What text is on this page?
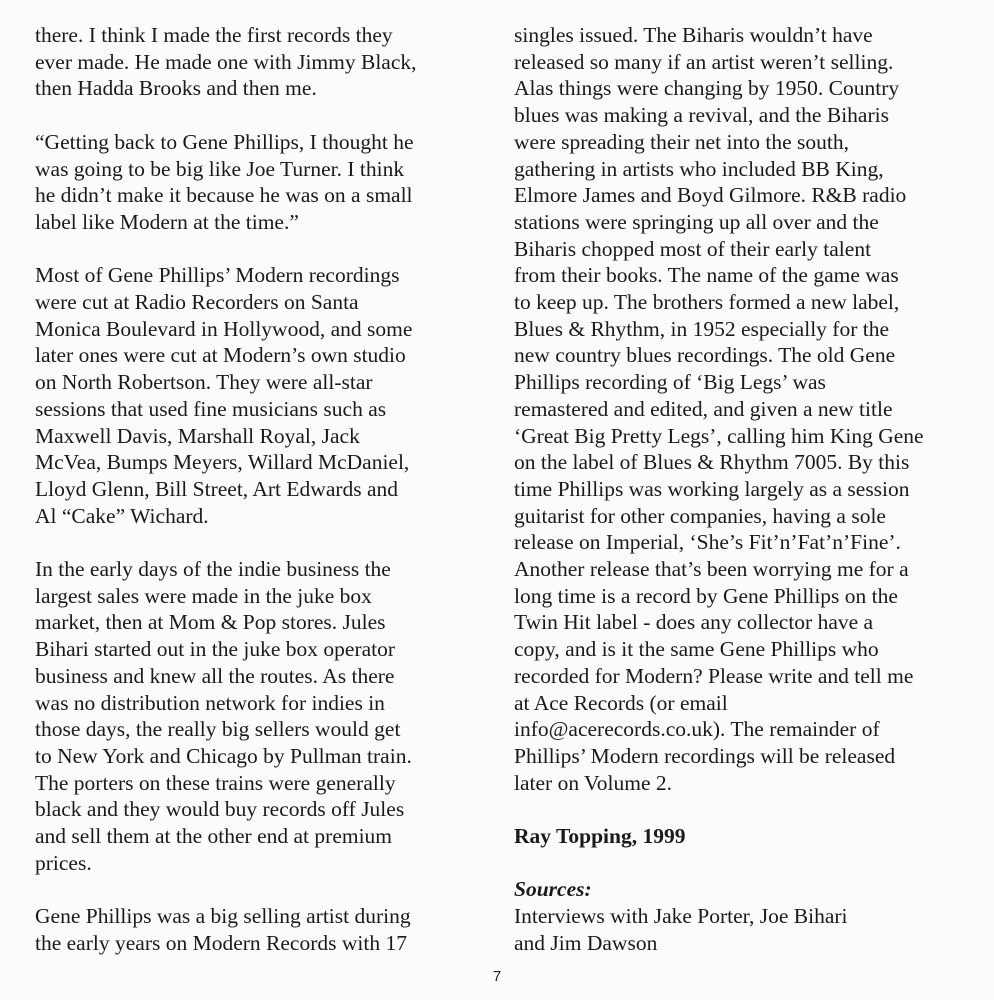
there. I think I made the first records they
ever made. He made one with Jimmy Black,
then Hadda Brooks and then me.

“Getting back to Gene Phillips, I thought he
was going to be big like Joe Turner. I think
he didn’t make it because he was on a small
label like Modern at the time.”

Most of Gene Phillips’ Modern recordings
were cut at Radio Recorders on Santa
Monica Boulevard in Hollywood, and some
later ones were cut at Modern’s own studio
on North Robertson. They were all-star
sessions that used fine musicians such as
Maxwell Davis, Marshall Royal, Jack
McVea, Bumps Meyers, Willard McDaniel,
Lloyd Glenn, Bill Street, Art Edwards and
Al “Cake” Wichard.

In the early days of the indie business the
largest sales were made in the juke box
market, then at Mom & Pop stores. Jules
Bihari started out in the juke box operator
business and knew all the routes. As there
was no distribution network for indies in
those days, the really big sellers would get
to New York and Chicago by Pullman train.
The porters on these trains were generally
black and they would buy records off Jules
and sell them at the other end at premium
prices.

Gene Phillips was a big selling artist during
the early years on Modern Records with 17

singles issued. The Biharis wouldn’t have
released so many if an artist weren’t selling.
Alas things were changing by 1950. Country
blues was making a revival, and the Biharis
were spreading their net into the south,
gathering in artists who included BB King,
Elmore James and Boyd Gilmore. R&B radio
stations were springing up all over and the
Biharis chopped most of their early talent
from their books. The name of the game was
to keep up. The brothers formed a new label,
Blues & Rhythm, in 1952 especially for the
new country blues recordings. The old Gene
Phillips recording of ‘Big Legs’ was
remastered and edited, and given a new title
‘Great Big Pretty Legs’, calling him King Gene
on the label of Blues & Rhythm 7005. By this
time Phillips was working largely as a session
guitarist for other companies, having a sole
release on Imperial, ‘She’s Fit’n’Fat’n’Fine’.
Another release that’s been worrying me for a
long time is a record by Gene Phillips on the
Twin Hit label - does any collector have a
copy, and is it the same Gene Phillips who
recorded for Modern? Please write and tell me
at Ace Records (or email
info@acerecords.co.uk). The remainder of
Phillips’ Modern recordings will be released
later on Volume 2.

Ray Topping, 1999

Sources:
Interviews with Jake Porter, Joe Bihari
and Jim Dawson

7
